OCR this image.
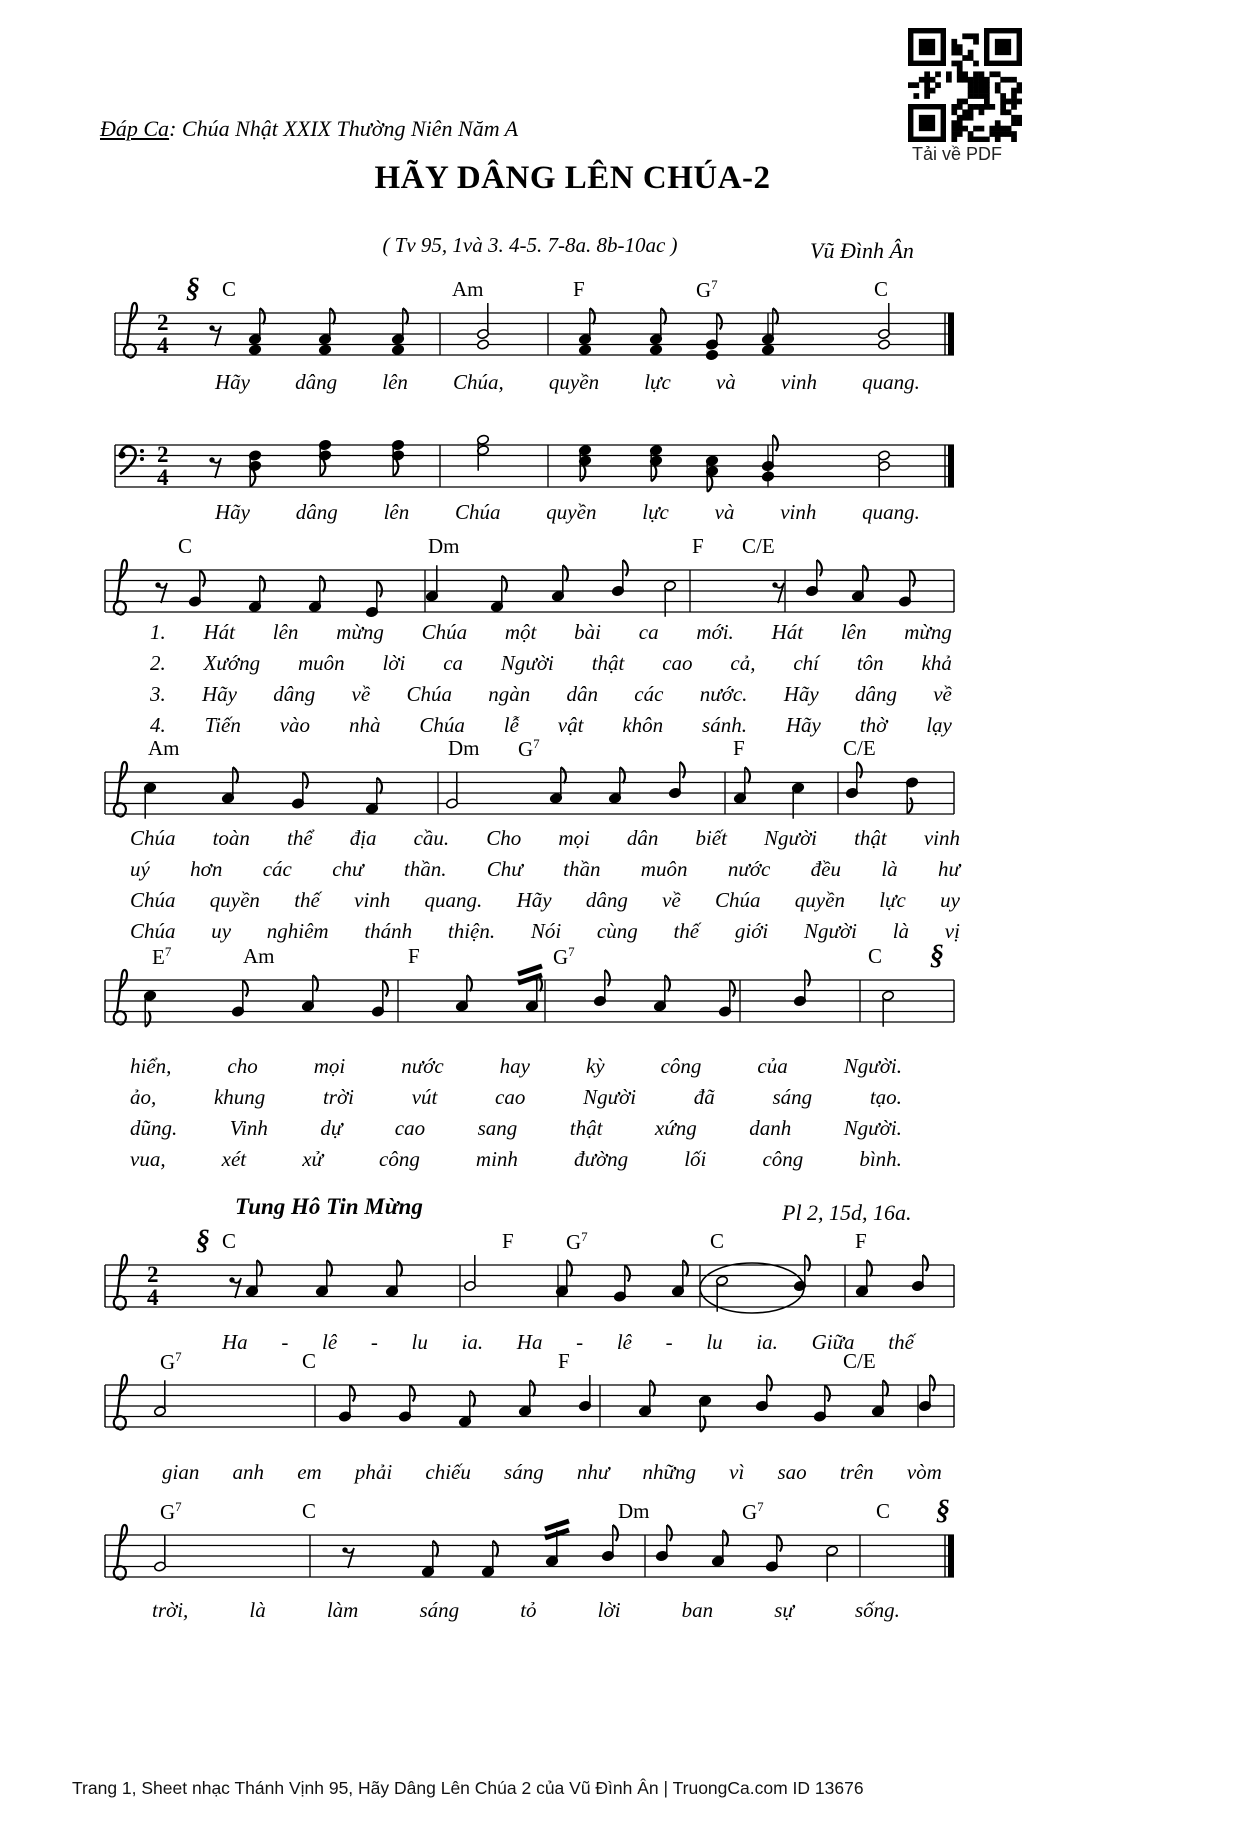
2
4
§
2
4
§
2
4
§
§
Tải về PDF
Đáp Ca: Chúa Nhật XXIX Thường Niên Năm A
HÃY DÂNG LÊN CHÚA-2
( Tv 95, 1và 3. 4-5. 7-8a. 8b-10ac )	Vũ Đình Ân
Tung Hô Tin Mừng	Pl 2, 15d, 16a.
C	Am	F	$G^7$	C
Hãy dâng lên Chúa, quyền lực và vinh quang.
Hãy dâng lên Chúa quyền lực và vinh quang.
C	Dm	F C/E
1. Hát lên mừng Chúa một bài ca mới. Hát lên mừng
2. Xướng muôn lời ca Người thật cao cả, chí tôn khả
3. Hãy dâng về Chúa ngàn dân các nước. Hãy dâng về
4. Tiến vào nhà Chúa lễ vật khôn sánh. Hãy thờ lạy
Am	Dm $G^7$	F	C/E
Chúa toàn thể địa cầu. Cho mọi dân biết Người thật vinh
uý hơn các chư thần. Chư thần muôn nước đều là hư
Chúa quyền thế vinh quang. Hãy dâng về Chúa quyền lực uy
Chúa uy nghiêm thánh thiện. Nói cùng thế giới Người là vị
$E^7$	Am	F	$G^7$	C
hiển,	cho	mọi	nước	hay	kỳ	công	của	Người.
ảo,	khung	trời	vút	cao	Người	đã	sáng	tạo.
dũng. Vinh dự cao sang thật xứng danh Người.
vua,	xét	xử	công	minh	đường	lối	công	bình.
C	F $G^7$	C	F
Ha - lê - lu ia. Ha - lê - lu ia. Giữa thế
$G^7$	C	F	C/E
gian anh em phải chiếu sáng như những vì sao trên vòm
$G^7$	C	Dm	$G^7$	C
trời,	là	làm	sáng	tỏ	lời	ban	sự	sống.
Trang 1, Sheet nhạc Thánh Vịnh 95, Hãy Dâng Lên Chúa 2 của Vũ Đình Ân | TruongCa.com ID 13676
